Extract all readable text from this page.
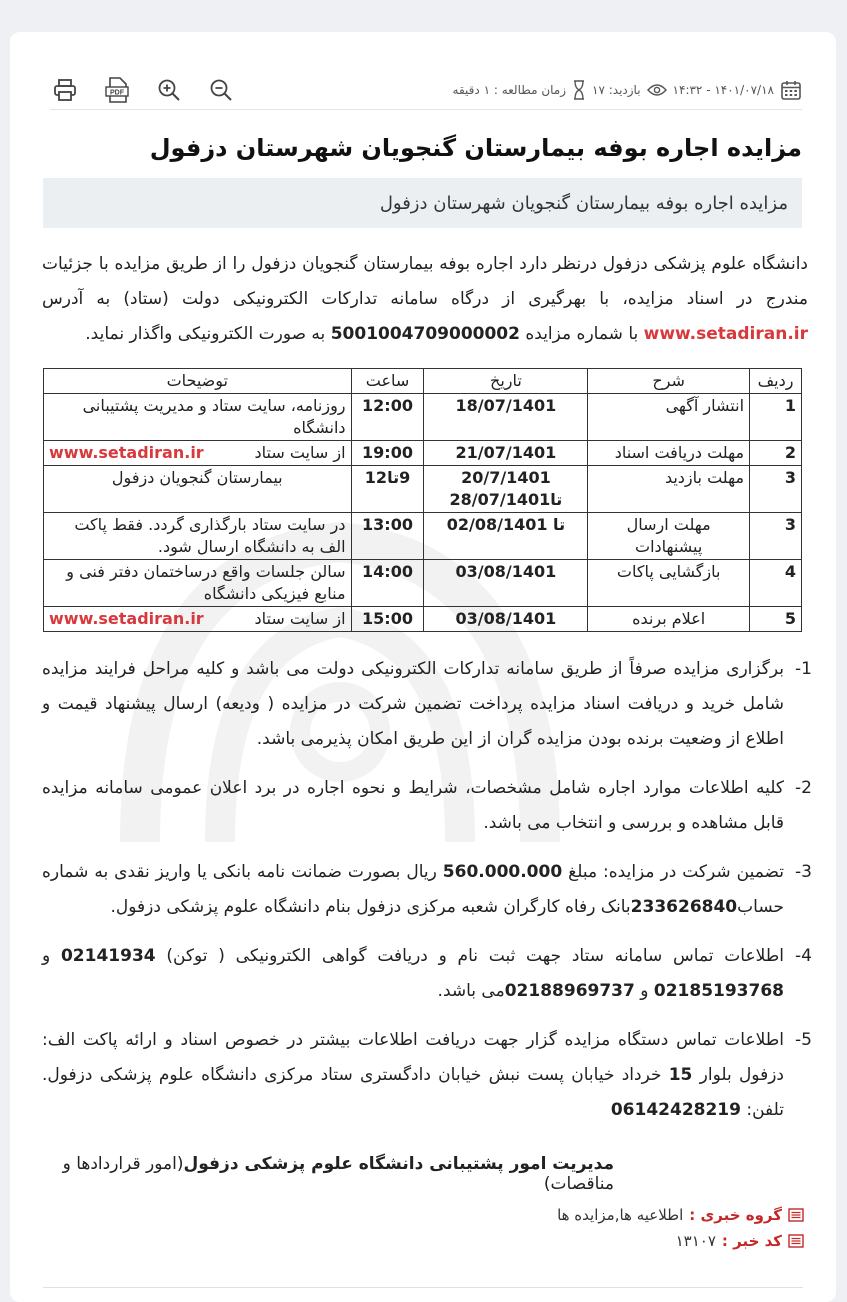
۱۴۰۱/۰۷/۱۸ - ۱۴:۳۲
بازدید: ۱۷
زمان مطالعه : ۱ دقیقه
PDF
مزایده اجاره بوفه بیمارستان گنجویان شهرستان دزفول
مزایده اجاره بوفه بیمارستان گنجویان شهرستان دزفول

دانشگاه علوم پزشکی دزفول درنظر دارد اجاره بوفه بیمارستان گنجویان دزفول را از طریق مزایده با جزئیات مندرج در اسناد مزایده، با بهرگیری از درگاه سامانه تدارکات الکترونیکی دولت (ستاد) به آدرس www.setadiran.ir با شماره مزایده 5001004709000002 به صورت الکترونیکی واگذار نماید.

ردیف	شرح	تاریخ	ساعت	توضیحات
1	انتشار آگهی	18/07/1401	12:00	روزنامه، سایت ستاد و مدیریت پشتیبانی دانشگاه
2	مهلت دریافت اسناد	21/07/1401	19:00	از سایت ستاد
www.setadiran.ir

3	مهلت بازدید	20/7/1401 تا28/07/1401	9تا12	بیمارستان گنجویان دزفول
3	مهلت ارسال پیشنهادات	تا 02/08/1401	13:00	در سایت ستاد بارگذاری گردد. فقط پاکت الف به دانشگاه ارسال شود.
4	بازگشایی پاکات	03/08/1401	14:00	سالن جلسات واقع درساختمان دفتر فنی و منابع فیزیکی دانشگاه
5	اعلام برنده	03/08/1401	15:00	از سایت ستاد
www.setadiran.ir
1-
برگزاری مزایده صرفاً از طریق سامانه تدارکات الکترونیکی دولت می باشد و کلیه مراحل فرایند مزایده شامل خرید و دریافت اسناد مزایده پرداخت تضمین شرکت در مزایده ( ودیعه) ارسال پیشنهاد قیمت و اطلاع از وضعیت برنده بودن مزایده گران از این طریق امکان پذیرمی باشد.
2-
کلیه اطلاعات موارد اجاره شامل مشخصات، شرایط و نحوه اجاره در برد اعلان عمومی سامانه مزایده قابل مشاهده و بررسی و انتخاب می باشد.
3-
تضمین شرکت در مزایده: مبلغ 560.000.000 ریال بصورت ضمانت نامه بانکی یا واریز نقدی به شماره حساب233626840بانک رفاه کارگران شعبه مرکزی دزفول بنام دانشگاه علوم پزشکی دزفول.
4-
اطلاعات تماس سامانه ستاد جهت ثبت نام و دریافت گواهی الکترونیکی ( توکن) 02141934 و 02185193768 و 02188969737می باشد.
5-
اطلاعات تماس دستگاه مزایده گزار جهت دریافت اطلاعات بیشتر در خصوص اسناد و ارائه پاکت الف: دزفول بلوار 15 خرداد خیابان پست نبش خیابان دادگستری ستاد مرکزی دانشگاه علوم پزشکی دزفول. تلفن: 06142428219
مدیریت امور پشتیبانی دانشگاه علوم پزشکی دزفول(امور قراردادها و مناقصات)
گروه خبری :
اطلاعیه ها,مزایده ها
کد خبر :
۱۳۱۰۷
